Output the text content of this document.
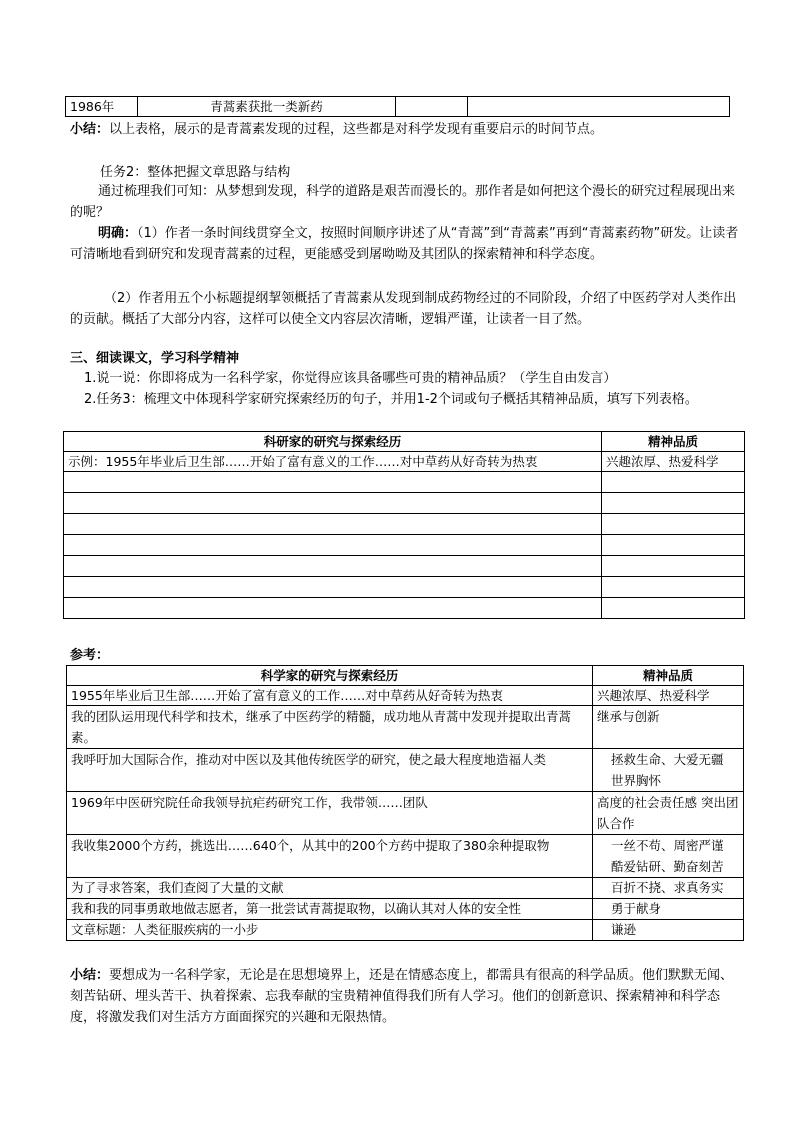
1986年	青蒿素获批一类新药		

小结：以上表格，展示的是青蒿素发现的过程，这些都是对科学发现有重要启示的时间节点。

任务2：整体把握文章思路与结构

通过梳理我们可知：从梦想到发现，科学的道路是艰苦而漫长的。那作者是如何把这个漫长的研究过程展现出来的呢？

明确：（1）作者一条时间线贯穿全文，按照时间顺序讲述了从“青蒿”到“青蒿素”再到“青蒿素药物”研发。让读者可清晰地看到研究和发现青蒿素的过程，更能感受到屠呦呦及其团队的探索精神和科学态度。

（2）作者用五个小标题提纲挈领概括了青蒿素从发现到制成药物经过的不同阶段，介绍了中医药学对人类作出的贡献。概括了大部分内容，这样可以使全文内容层次清晰，逻辑严谨，让读者一目了然。

三、细读课文，学习科学精神

1.说一说：你即将成为一名科学家，你觉得应该具备哪些可贵的精神品质？（学生自由发言）

2.任务3：梳理文中体现科学家研究探索经历的句子，并用1-2个词或句子概括其精神品质，填写下列表格。

科研家的研究与探索经历	精神品质
示例：1955年毕业后卫生部……开始了富有意义的工作……对中草药从好奇转为热衷	兴趣浓厚、热爱科学

参考：

科学家的研究与探索经历	精神品质
1955年毕业后卫生部……开始了富有意义的工作……对中草药从好奇转为热衷	兴趣浓厚、热爱科学
我的团队运用现代科学和技术，继承了中医药学的精髓，成功地从青蒿中发现并提取出青蒿素。	继承与创新
我呼吁加大国际合作，推动对中医以及其他传统医学的研究，使之最大程度地造福人类	拯救生命、大爱无疆 世界胸怀
1969年中医研究院任命我领导抗疟药研究工作，我带领……团队	高度的社会责任感 突出团队合作
我收集2000个方药，挑选出……640个，从其中的200个方药中提取了380余种提取物	一丝不苟、周密严谨 酷爱钻研、勤奋刻苦
为了寻求答案，我们查阅了大量的文献	百折不挠、求真务实
我和我的同事勇敢地做志愿者，第一批尝试青蒿提取物，以确认其对人体的安全性	勇于献身
文章标题：人类征服疾病的一小步	谦逊

小结：要想成为一名科学家，无论是在思想境界上，还是在情感态度上，都需具有很高的科学品质。他们默默无闻、刻苦钻研、埋头苦干、执着探索、忘我奉献的宝贵精神值得我们所有人学习。他们的创新意识、探索精神和科学态度，将激发我们对生活方方面面探究的兴趣和无限热情。
